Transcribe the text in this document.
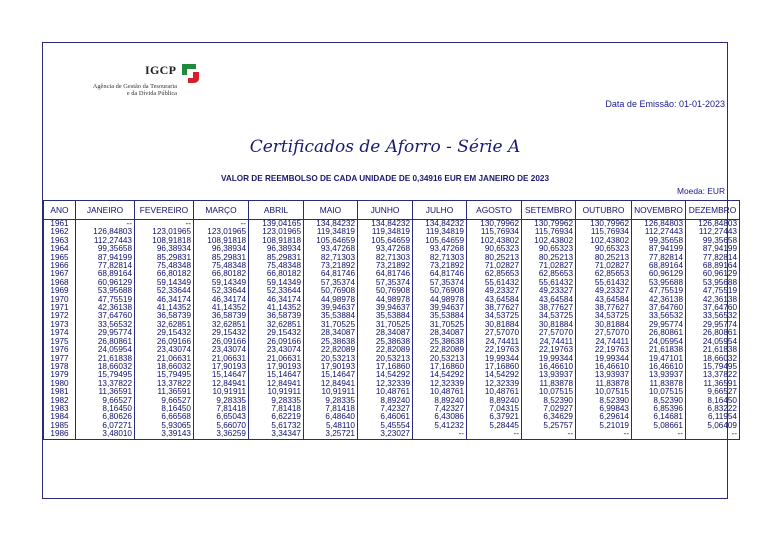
IGCP
Agência de Gestão da Tesouraria
e da Dívida Pública
Data de Emissão: 01-01-2023
Certificados de Aforro - Série A
VALOR DE REEMBOLSO DE CADA UNIDADE DE 0,34916 EUR EM JANEIRO DE 2023
Moeda: EUR
ANO	JANEIRO	FEVEREIRO	MARÇO	ABRIL	MAIO	JUNHO	JULHO	AGOSTO	SETEMBRO	OUTUBRO	NOVEMBRO	DEZEMBRO
1961	--	--	--	139,04165	134,84232	134,84232	134,84232	130,79962	130,79962	130,79962	126,84803	126,84803
1962	126,84803	123,01965	123,01965	123,01965	119,34819	119,34819	119,34819	115,76934	115,76934	115,76934	112,27443	112,27443
1963	112,27443	108,91818	108,91818	108,91818	105,64659	105,64659	105,64659	102,43802	102,43802	102,43802	99,35658	99,35658
1964	99,35658	96,38934	96,38934	96,38934	93,47268	93,47268	93,47268	90,65323	90,65323	90,65323	87,94199	87,94199
1965	87,94199	85,29831	85,29831	85,29831	82,71303	82,71303	82,71303	80,25213	80,25213	80,25213	77,82814	77,82814
1966	77,82814	75,48348	75,48348	75,48348	73,21892	73,21892	73,21892	71,02827	71,02827	71,02827	68,89164	68,89164
1967	68,89164	66,80182	66,80182	66,80182	64,81746	64,81746	64,81746	62,85653	62,85653	62,85653	60,96129	60,96129
1968	60,96129	59,14349	59,14349	59,14349	57,35374	57,35374	57,35374	55,61432	55,61432	55,61432	53,95688	53,95688
1969	53,95688	52,33644	52,33644	52,33644	50,76908	50,76908	50,76908	49,23327	49,23327	49,23327	47,75519	47,75519
1970	47,75519	46,34174	46,34174	46,34174	44,98978	44,98978	44,98978	43,64584	43,64584	43,64584	42,36138	42,36138
1971	42,36138	41,14352	41,14352	41,14352	39,94637	39,94637	39,94637	38,77627	38,77627	38,77627	37,64760	37,64760
1972	37,64760	36,58739	36,58739	36,58739	35,53884	35,53884	35,53884	34,53725	34,53725	34,53725	33,56532	33,56532
1973	33,56532	32,62851	32,62851	32,62851	31,70525	31,70525	31,70525	30,81884	30,81884	30,81884	29,95774	29,95774
1974	29,95774	29,15432	29,15432	29,15432	28,34087	28,34087	28,34087	27,57070	27,57070	27,57070	26,80861	26,80861
1975	26,80861	26,09166	26,09166	26,09166	25,38638	25,38638	25,38638	24,74411	24,74411	24,74411	24,05954	24,05954
1976	24,05954	23,43074	23,43074	23,43074	22,82089	22,82089	22,82089	22,19763	22,19763	22,19763	21,61838	21,61838
1977	21,61838	21,06631	21,06631	21,06631	20,53213	20,53213	20,53213	19,99344	19,99344	19,99344	19,47101	18,66032
1978	18,66032	18,66032	17,90193	17,90193	17,90193	17,16860	17,16860	17,16860	16,46610	16,46610	16,46610	15,79495
1979	15,79495	15,79495	15,14647	15,14647	15,14647	14,54292	14,54292	14,54292	13,93937	13,93937	13,93937	13,37822
1980	13,37822	13,37822	12,84941	12,84941	12,84941	12,32339	12,32339	12,32339	11,83878	11,83878	11,83878	11,36591
1981	11,36591	11,36591	10,91911	10,91911	10,91911	10,48761	10,48761	10,48761	10,07515	10,07515	10,07515	9,66527
1982	9,66527	9,66527	9,28335	9,28335	9,28335	8,89240	8,89240	8,89240	8,52390	8,52390	8,52390	8,16450
1983	8,16450	8,16450	7,81418	7,81418	7,81418	7,42327	7,42327	7,04315	7,02927	6,99843	6,85396	6,83222
1984	6,80626	6,66568	6,65043	6,62219	6,48640	6,46061	6,43086	6,37921	6,34629	6,29614	6,14681	6,11954
1985	6,07271	5,93065	5,66070	5,61732	5,48110	5,45554	5,41232	5,28445	5,25757	5,21019	5,08661	5,06409
1986	3,48010	3,39143	3,36259	3,34347	3,25721	3,23027	--	--	--	--	--	--
